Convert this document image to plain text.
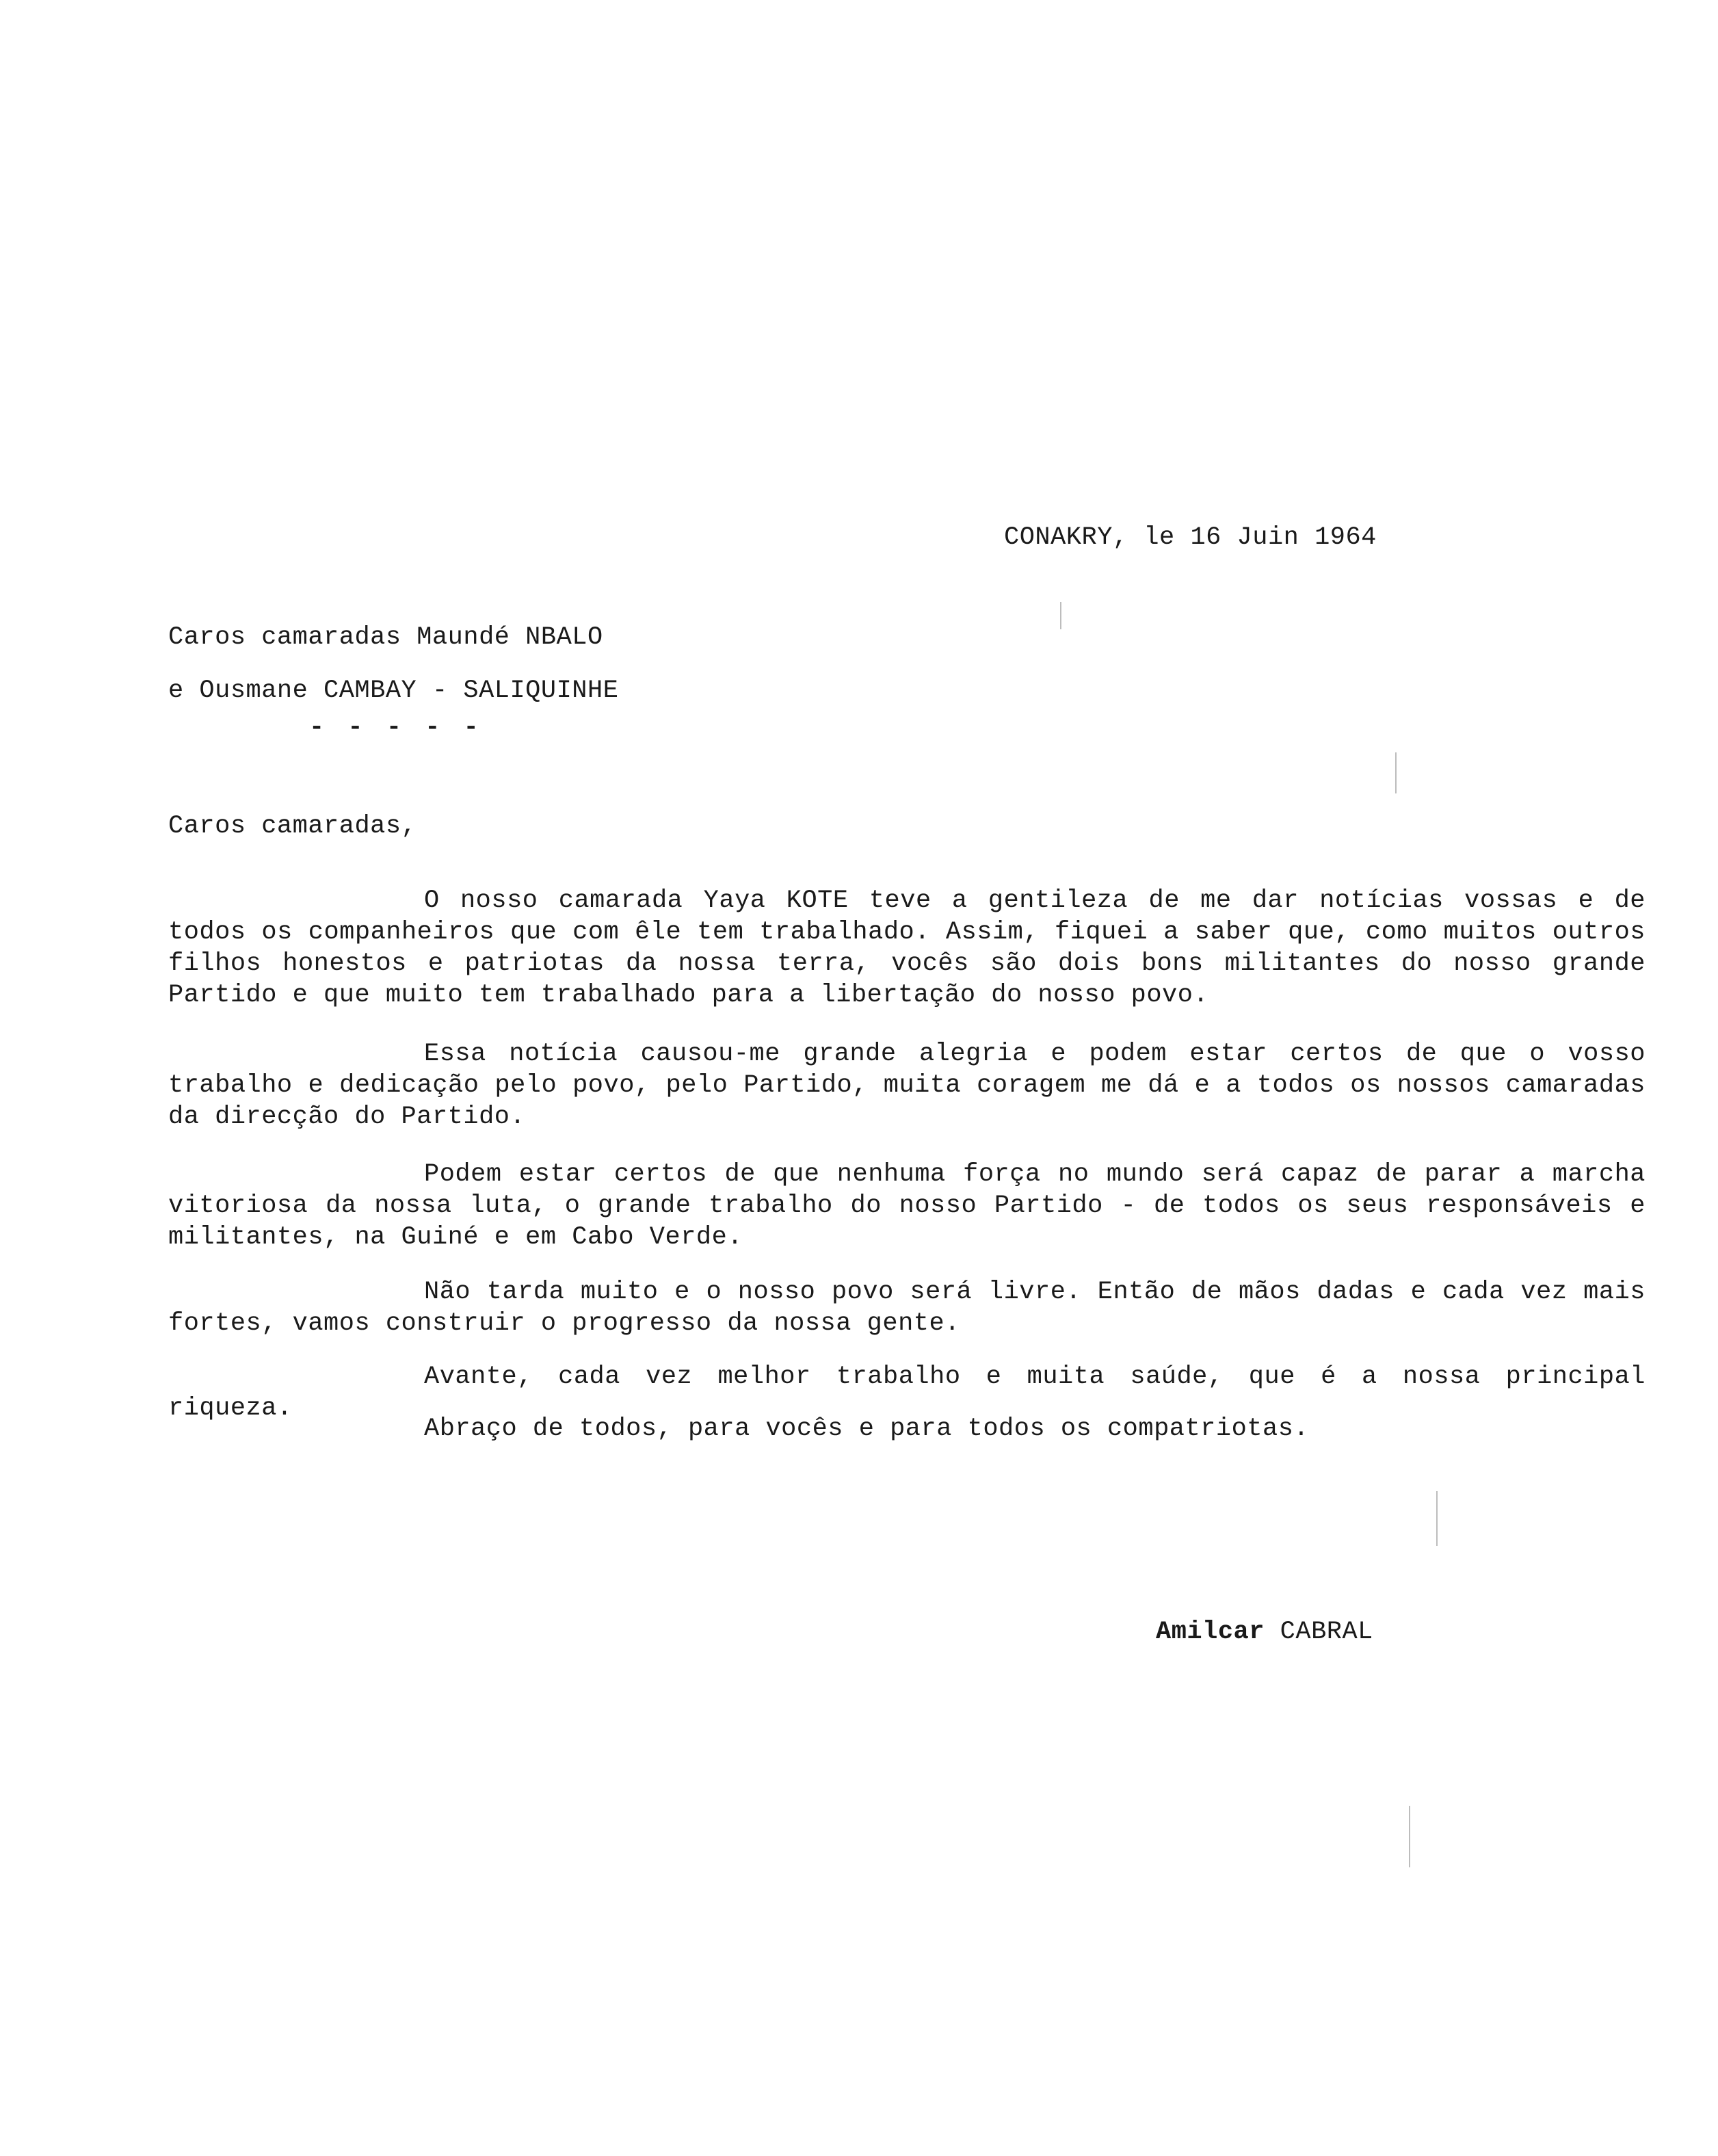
CONAKRY, le 16 Juin 1964
Caros camaradas Maundé NBALO
e Ousmane CAMBAY - SALIQUINHE
- - - - -
Caros camaradas,
O nosso camarada Yaya KOTE teve a gentileza de me dar notícias vossas e de todos os companheiros que com êle tem trabalhado. Assim, fiquei a saber que, como muitos outros filhos honestos e patriotas da nossa terra, vocês são dois bons militantes do nosso grande Partido e que muito tem trabalhado para a libertação do nosso povo.
Essa notícia causou-me grande alegria e podem estar certos de que o vosso trabalho e dedicação pelo povo, pelo Partido, muita coragem me dá e a todos os nossos camaradas da direcção do Partido.
Podem estar certos de que nenhuma força no mundo será capaz de parar a marcha vitoriosa da nossa luta, o grande trabalho do nosso Partido - de todos os seus responsáveis e militantes, na Guiné e em Cabo Verde.
Não tarda muito e o nosso povo será livre. Então de mãos dadas e cada vez mais fortes, vamos construir o progresso da nossa gente.
Avante, cada vez melhor trabalho e muita saúde, que é a nossa principal riqueza.
Abraço de todos, para vocês e para todos os compatriotas.
Amilcar CABRAL
